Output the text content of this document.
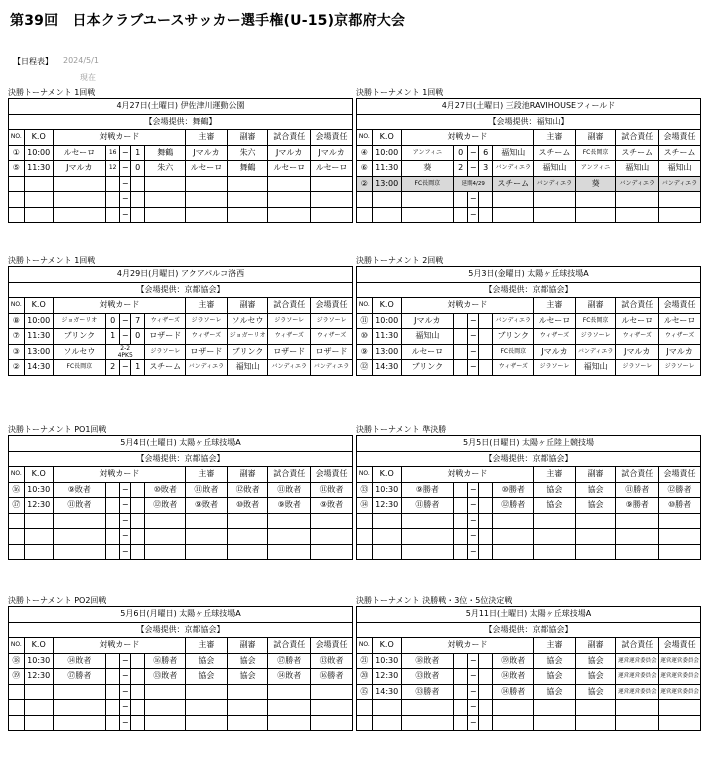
第39回　日本クラブユースサッカー選手権(U-15)京都府大会
【日程表】 2024/5/1
現在
決勝トーナメント 1回戦
4月27日(土曜日) 伊佐津川運動公園										
【会場提供：舞鶴】										
NO.	K.O	対戦カード					主審	副審	試合責任	会場責任
①	10:00	ルセーロ	16	−	1	舞鶴	Jマルカ	朱六	Jマルカ	Jマルカ
⑤	11:30	Jマルカ	12	−	0	朱六	ルセーロ	舞鶴	ルセーロ	ルセーロ
				−						
				−						
				−						
決勝トーナメント 1回戦
4月27日(土曜日) 三段池RAVIHOUSEフィールド										
【会場提供：福知山】										
NO.	K.O	対戦カード					主審	副審	試合責任	会場責任
④	10:00	アンフィニ	0	−	6	福知山	スチーム	FC長岡京	スチーム	スチーム
⑥	11:30	葵	2	−	3	バンディエラ	福知山	アンフィニ	福知山	福知山
②	13:00	FC長岡京	延期4/29			スチーム	バンディエラ	葵	バンディエラ	バンディエラ
				−						
				−						
決勝トーナメント 1回戦
4月29日(月曜日) アクアパルコ洛西										
【会場提供：京都協会】										
NO.	K.O	対戦カード					主審	副審	試合責任	会場責任
⑧	10:00	ジョガーリオ	0	−	7	ウィザーズ	ジラソーレ	ソルセウ	ジラソーレ	ジラソーレ
⑦	11:30	ブリンク	1	−	0	ロザード	ウィザーズ	ジョガーリオ	ウィザーズ	ウィザーズ
③	13:00	ソルセウ	2-2
4PK5			ジラソーレ	ロザード	ブリンク	ロザード	ロザード
②	14:30	FC長岡京	2	−	1	スチーム	バンディエラ	福知山	バンディエラ	バンディエラ
決勝トーナメント 2回戦
5月3日(金曜日) 太陽ヶ丘球技場A										
【会場提供：京都協会】										
NO.	K.O	対戦カード					主審	副審	試合責任	会場責任
⑪	10:00	Jマルカ		−		バンディエラ	ルセーロ	FC長岡京	ルセーロ	ルセーロ
⑩	11:30	福知山		−		ブリンク	ウィザーズ	ジラソーレ	ウィザーズ	ウィザーズ
⑨	13:00	ルセーロ		−		FC長岡京	Jマルカ	バンディエラ	Jマルカ	Jマルカ
⑫	14:30	ブリンク		−		ウィザーズ	ジラソーレ	福知山	ジラソーレ	ジラソーレ
決勝トーナメント PO1回戦
5月4日(土曜日) 太陽ヶ丘球技場A										
【会場提供：京都協会】										
NO.	K.O	対戦カード					主審	副審	試合責任	会場責任
⑯	10:30	⑨敗者		−		⑩敗者	⑪敗者	⑫敗者	⑪敗者	⑪敗者
⑰	12:30	⑪敗者		−		⑫敗者	⑨敗者	⑩敗者	⑨敗者	⑨敗者
				−						
				−						
				−						
決勝トーナメント 準決勝
5月5日(日曜日) 太陽ヶ丘陸上競技場										
【会場提供：京都協会】										
NO.	K.O	対戦カード					主審	副審	試合責任	会場責任
⑬	10:30	⑨勝者		−		⑩勝者	協会	協会	⑪勝者	⑫勝者
⑭	12:30	⑪勝者		−		⑫勝者	協会	協会	⑨勝者	⑩勝者
				−						
				−						
				−						
決勝トーナメント PO2回戦
5月6日(月曜日) 太陽ヶ丘球技場A										
【会場提供：京都協会】										
NO.	K.O	対戦カード					主審	副審	試合責任	会場責任
⑱	10:30	⑭敗者		−		⑯勝者	協会	協会	⑰勝者	⑬敗者
⑲	12:30	⑰勝者		−		⑬敗者	協会	協会	⑭敗者	⑯勝者
				−						
				−						
				−						
決勝トーナメント 決勝戦・3位・5位決定戦
5月11日(土曜日) 太陽ヶ丘球技場A										
【会場提供：京都協会】										
NO.	K.O	対戦カード					主審	副審	試合責任	会場責任
㉑	10:30	⑱敗者		−		⑲敗者	協会	協会	運営運営委員会	運営運営委員会
⑳	12:30	⑬敗者		−		⑭敗者	協会	協会	運営運営委員会	運営運営委員会
⑮	14:30	⑬勝者		−		⑭勝者	協会	協会	運営運営委員会	運営運営委員会
				−						
				−						
